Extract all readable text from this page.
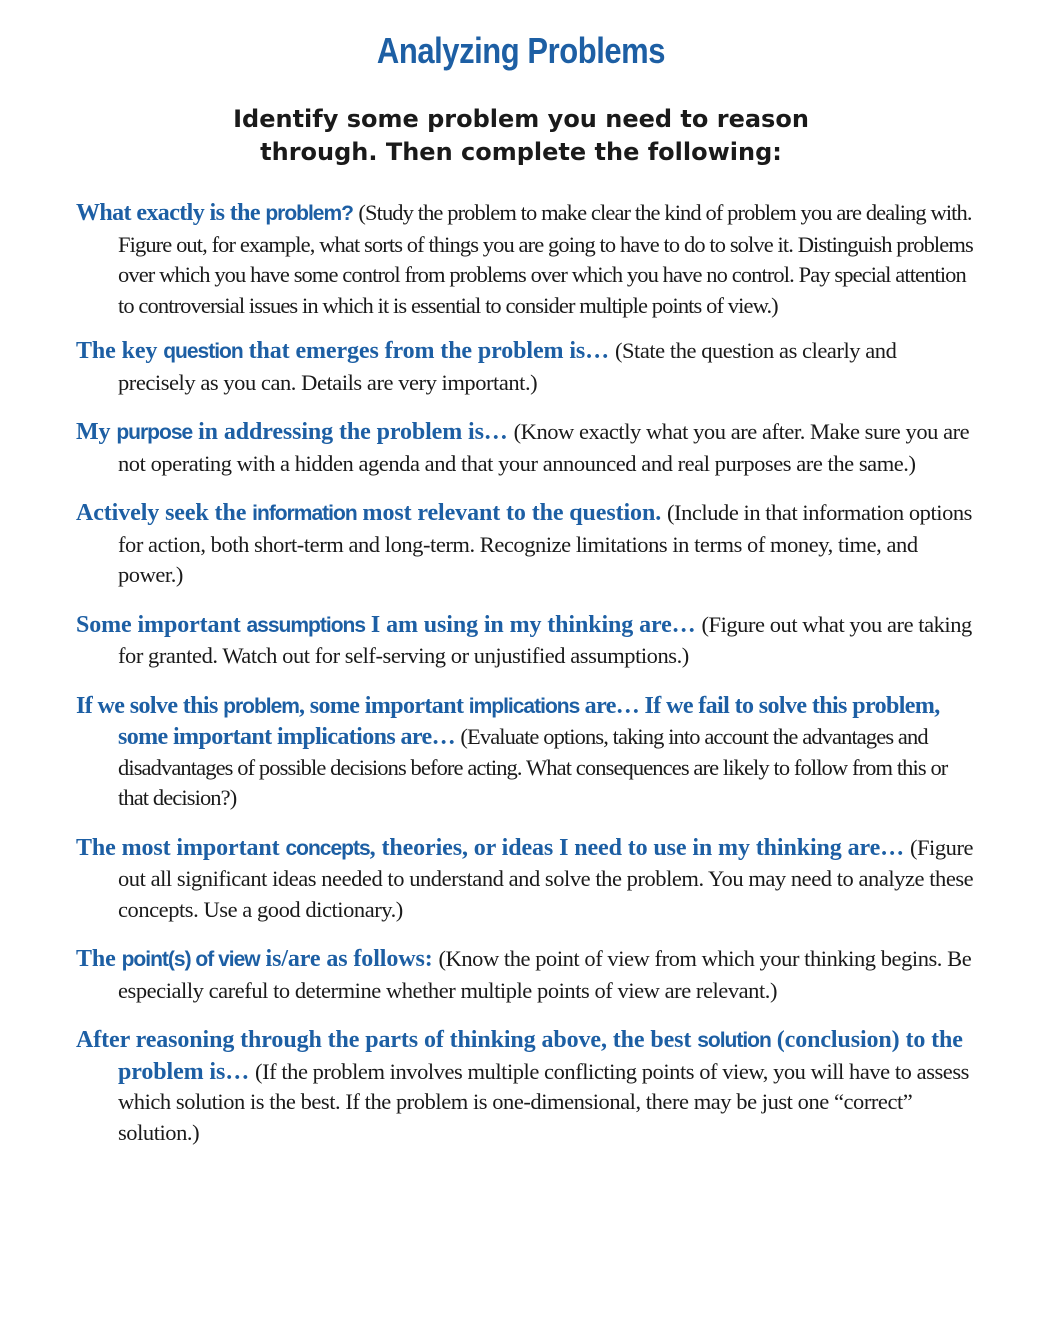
Analyzing Problems
Identify some problem you need to reason
through. Then complete the following:

What exactly is the problem? (Study the problem to make clear the kind of problem you are dealing with. Figure out, for example, what sorts of things you are going to have to do to solve it. Distinguish problems over which you have some control from problems over which you have no control. Pay special attention to controversial issues in which it is essential to consider multiple points of view.)

The key question that emerges from the problem is… (State the question as clearly and precisely as you can. Details are very important.)

My purpose in addressing the problem is… (Know exactly what you are after. Make sure you are not operating with a hidden agenda and that your announced and real purposes are the same.)

Actively seek the information most relevant to the question. (Include in that information options for action, both short-term and long-term. Recognize limitations in terms of money, time, and power.)

Some important assumptions I am using in my thinking are… (Figure out what you are taking for granted. Watch out for self-serving or unjustified assumptions.)

If we solve this problem, some important implications are… If we fail to solve this problem, some important implications are… (Evaluate options, taking into account the advantages and disadvantages of possible decisions before acting. What consequences are likely to follow from this or that decision?)

The most important concepts, theories, or ideas I need to use in my thinking are… (Figure out all significant ideas needed to understand and solve the problem. You may need to analyze these concepts. Use a good dictionary.)

The point(s) of view is/are as follows: (Know the point of view from which your thinking begins. Be especially careful to determine whether multiple points of view are relevant.)

After reasoning through the parts of thinking above, the best solution (conclusion) to the problem is… (If the problem involves multiple conflicting points of view, you will have to assess which solution is the best. If the problem is one-dimensional, there may be just one “correct” solution.)
